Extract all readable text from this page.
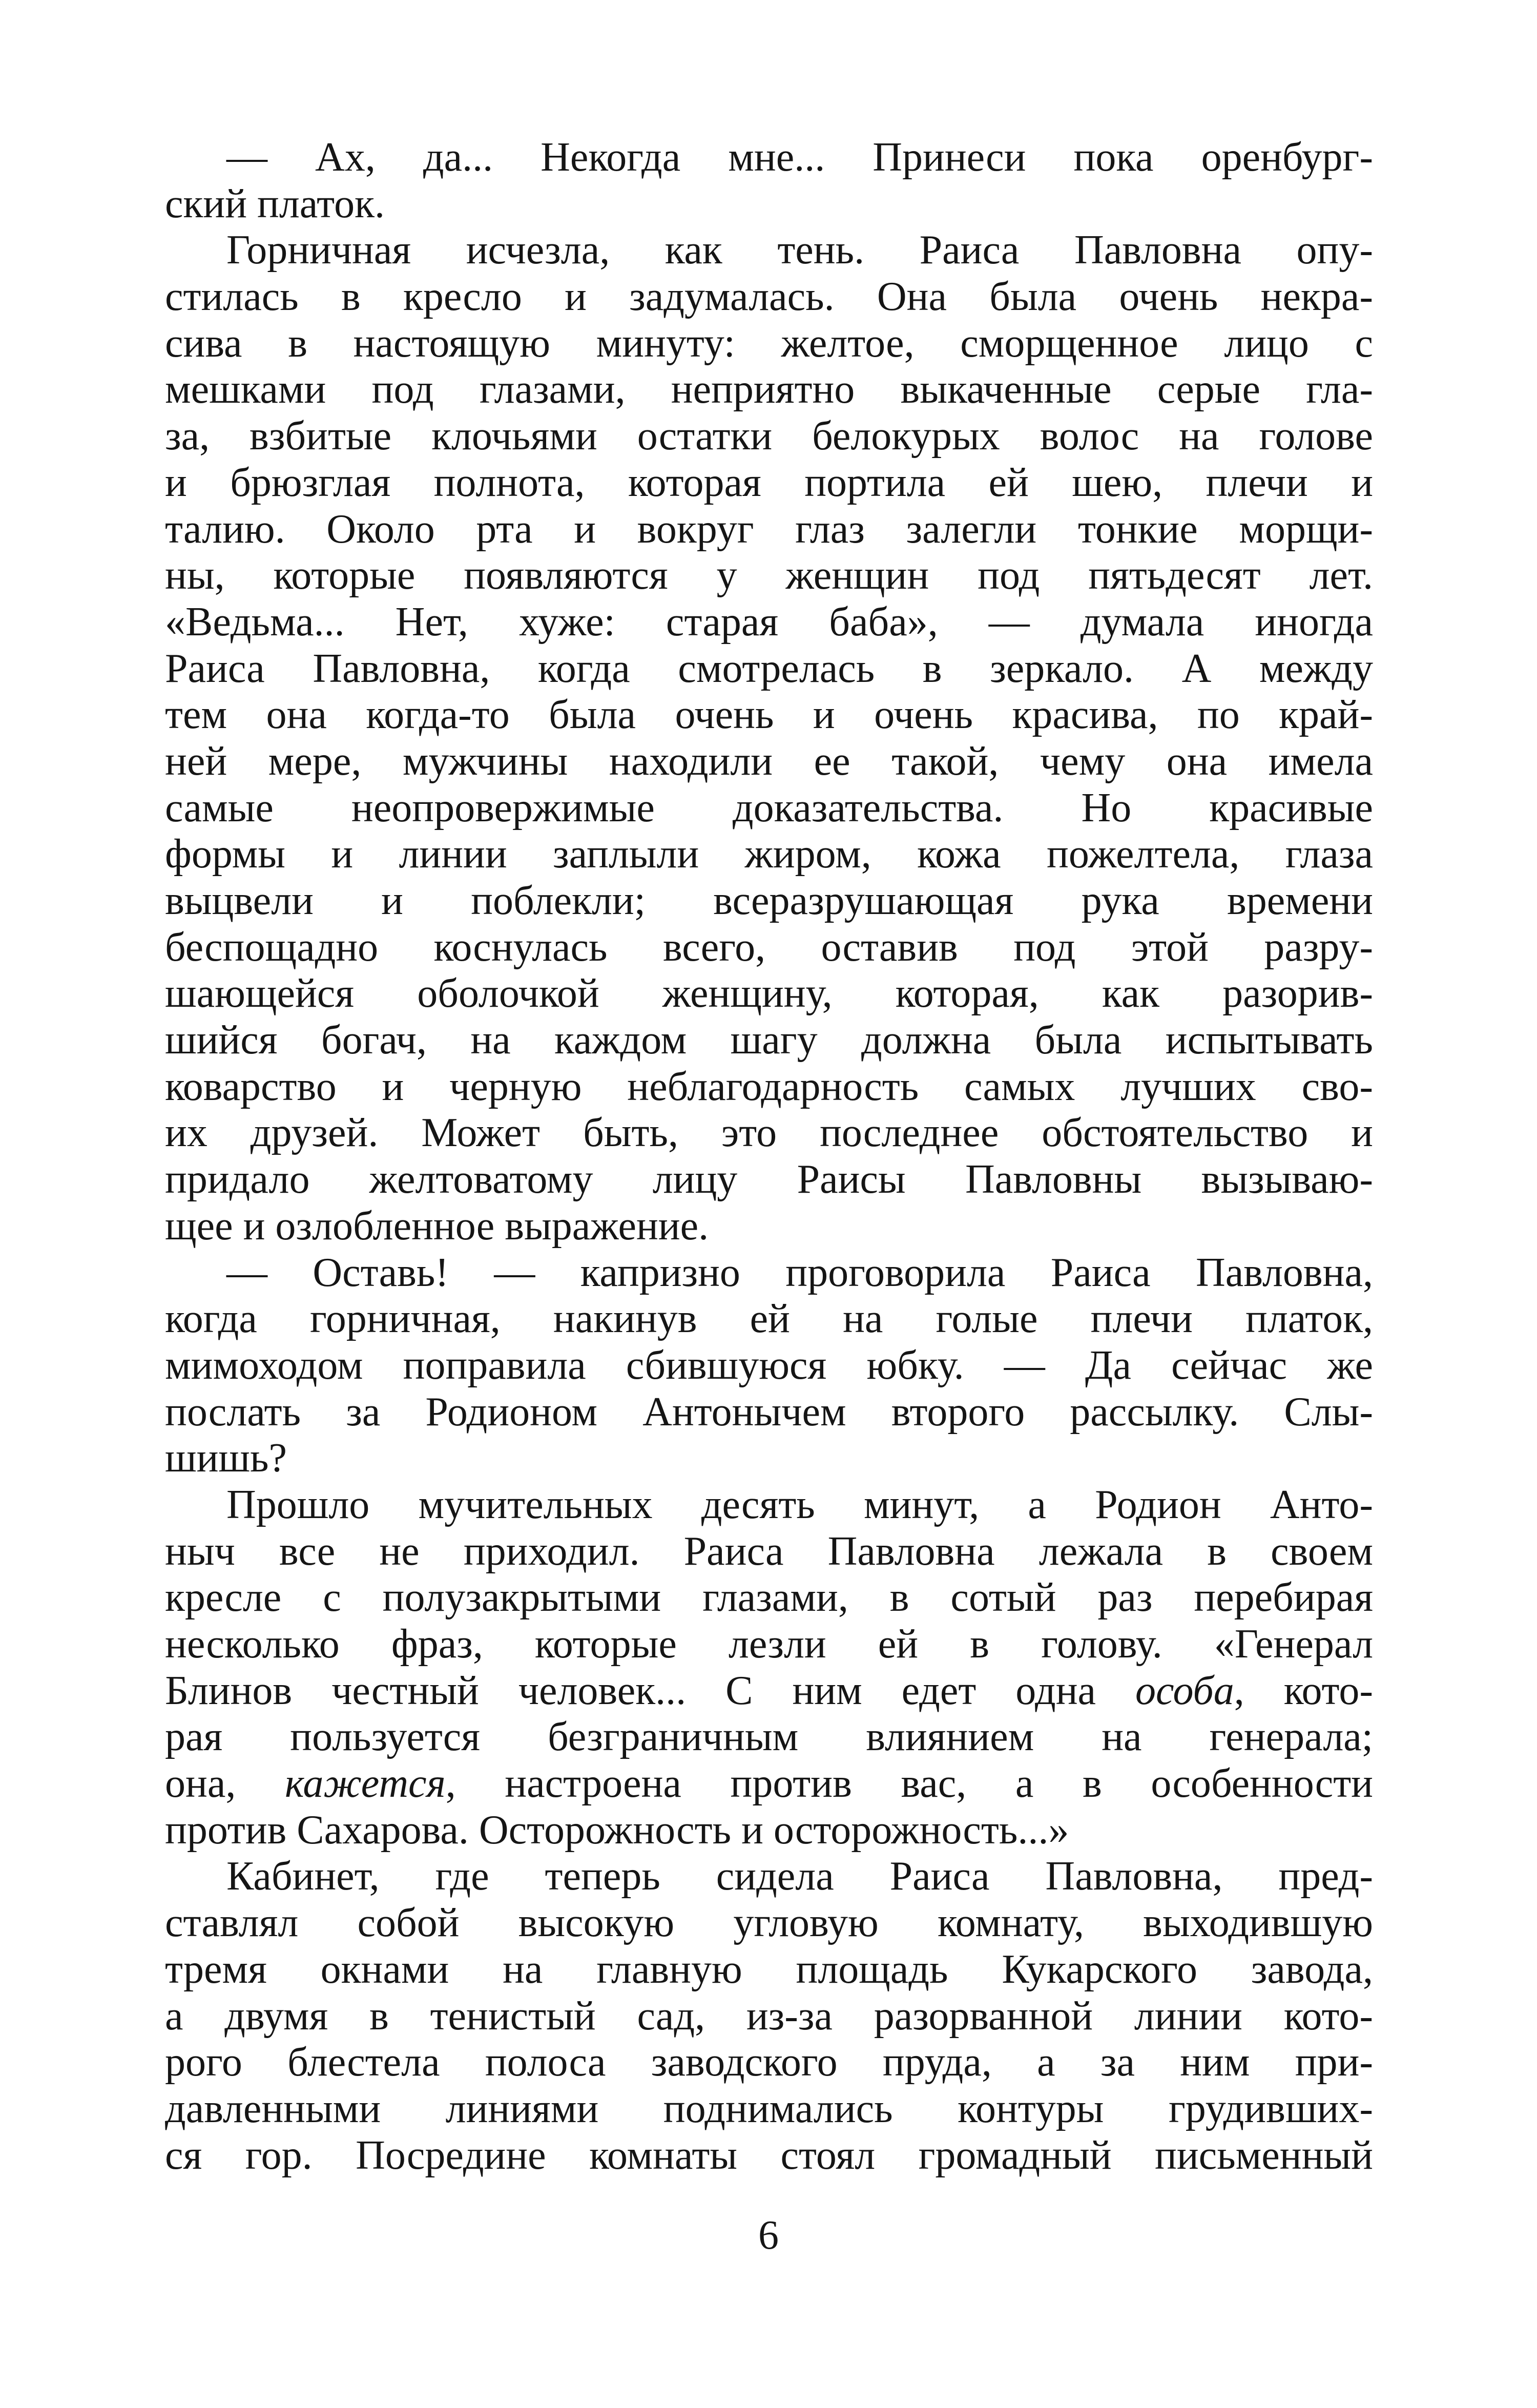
— Ах, да... Некогда мне... Принеси пока оренбург-
ский платок.
Горничная исчезла, как тень. Раиса Павловна опу-
стилась в кресло и задумалась. Она была очень некра-
сива в настоящую минуту: желтое, сморщенное лицо с
мешками под глазами, неприятно выкаченные серые гла-
за, взбитые клочьями остатки белокурых волос на голове
и брюзглая полнота, которая портила ей шею, плечи и
талию. Около рта и вокруг глаз залегли тонкие морщи-
ны, которые появляются у женщин под пятьдесят лет.
«Ведьма... Нет, хуже: старая баба», — думала иногда
Раиса Павловна, когда смотрелась в зеркало. А между
тем она когда-то была очень и очень красива, по край-
ней мере, мужчины находили ее такой, чему она имела
самые неопровержимые доказательства. Но красивые
формы и линии заплыли жиром, кожа пожелтела, глаза
выцвели и поблекли; всеразрушающая рука времени
беспощадно коснулась всего, оставив под этой разру-
шающейся оболочкой женщину, которая, как разорив-
шийся богач, на каждом шагу должна была испытывать
коварство и черную неблагодарность самых лучших сво-
их друзей. Может быть, это последнее обстоятельство и
придало желтоватому лицу Раисы Павловны вызываю-
щее и озлобленное выражение.
— Оставь! — капризно проговорила Раиса Павловна,
когда горничная, накинув ей на голые плечи платок,
мимоходом поправила сбившуюся юбку. — Да сейчас же
послать за Родионом Антонычем второго рассылку. Слы-
шишь?
Прошло мучительных десять минут, а Родион Анто-
ныч все не приходил. Раиса Павловна лежала в своем
кресле с полузакрытыми глазами, в сотый раз перебирая
несколько фраз, которые лезли ей в голову. «Генерал
Блинов честный человек... С ним едет одна особа, кото-
рая пользуется безграничным влиянием на генерала;
она, кажется, настроена против вас, а в особенности
против Сахарова. Осторожность и осторожность...»
Кабинет, где теперь сидела Раиса Павловна, пред-
ставлял собой высокую угловую комнату, выходившую
тремя окнами на главную площадь Кукарского завода,
а двумя в тенистый сад, из-за разорванной линии кото-
рого блестела полоса заводского пруда, а за ним при-
давленными линиями поднимались контуры грудивших-
ся гор. Посредине комнаты стоял громадный письменный
6
